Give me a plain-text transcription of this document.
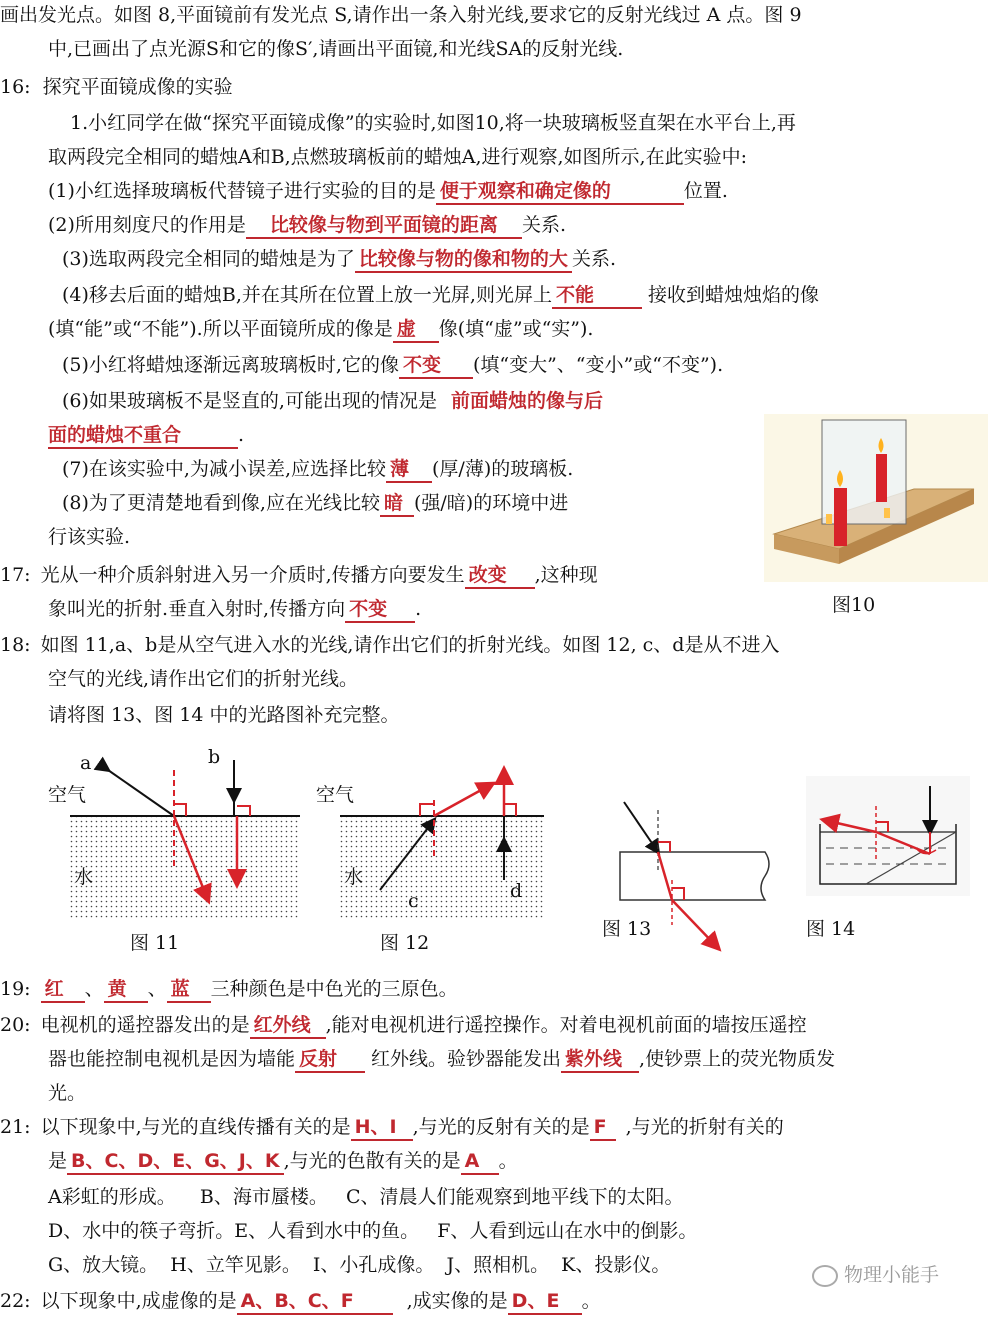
画出发光点。如图 8,平面镜前有发光点 S,请作出一条入射光线,要求它的反射光线过 A 点。图 9
中,已画出了点光源S和它的像S′,请画出平面镜,和光线SA的反射光线.
16: 探究平面镜成像的实验
1.小红同学在做“探究平面镜成像”的实验时,如图10,将一块玻璃板竖直架在水平台上,再
取两段完全相同的蜡烛A和B,点燃玻璃板前的蜡烛A,进行观察,如图所示,在此实验中:
(1)小红选择玻璃板代替镜子进行实验的目的是 便于观察和确定像的	位置.
(2)所用刻度尺的作用是 比较像与物到平面镜的距离 关系.
(3)选取两段完全相同的蜡烛是为了 比较像与物的像和物的大 关系.
(4)移去后面的蜡烛B,并在其所在位置上放一光屏,则光屏上 不能	接收到蜡烛烛焰的像
(填“能”或“不能”).所以平面镜所成的像是 虚 像(填“虚”或“实”).
(5)小红将蜡烛逐渐远离玻璃板时,它的像 不变 (填“变大”、“变小”或“不变”).
(6)如果玻璃板不是竖直的,可能出现的情况是 前面蜡烛的像与后
面的蜡烛不重合	.
(7)在该实验中,为减小误差,应选择比较 薄 (厚/薄)的玻璃板.
(8)为了更清楚地看到像,应在光线比较 暗 (强/暗)的环境中进
行该实验.
17: 光从一种介质斜射进入另一介质时,传播方向要发生 改变 ,这种现
象叫光的折射.垂直入射时,传播方向 不变 .	图10
18: 如图 11,a、b是从空气进入水的光线,请作出它们的折射光线。如图 12, c、d是从不进入
空气的光线,请作出它们的折射光线。
请将图 13、图 14 中的光路图补充完整。
a	b
空气
水
图 11
空气
水
c	d
图 12
图 13	图 14
19: 红 、 黄 、 蓝 三种颜色是中色光的三原色。
20: 电视机的遥控器发出的是 红外线 ,能对电视机进行遥控操作。对着电视机前面的墙按压遥控
器也能控制电视机是因为墙能 反射 红外线。验钞器能发出 紫外线 ,使钞票上的荧光物质发
光。
21: 以下现象中,与光的直线传播有关的是 H、I ,与光的反射有关的是 F ,与光的折射有关的
是 B、C、D、E、G、J、K ,与光的色散有关的是 A 。
A彩虹的形成。    B、海市蜃楼。   C、清晨人们能观察到地平线下的太阳。
D、水中的筷子弯折。E、人看到水中的鱼。   F、人看到远山在水中的倒影。
G、放大镜。  H、立竿见影。  I、小孔成像。  J、照相机。  K、投影仪。	物理小能手
22: 以下现象中,成虚像的是 A、B、C、F	,成实像的是 D、E 。
